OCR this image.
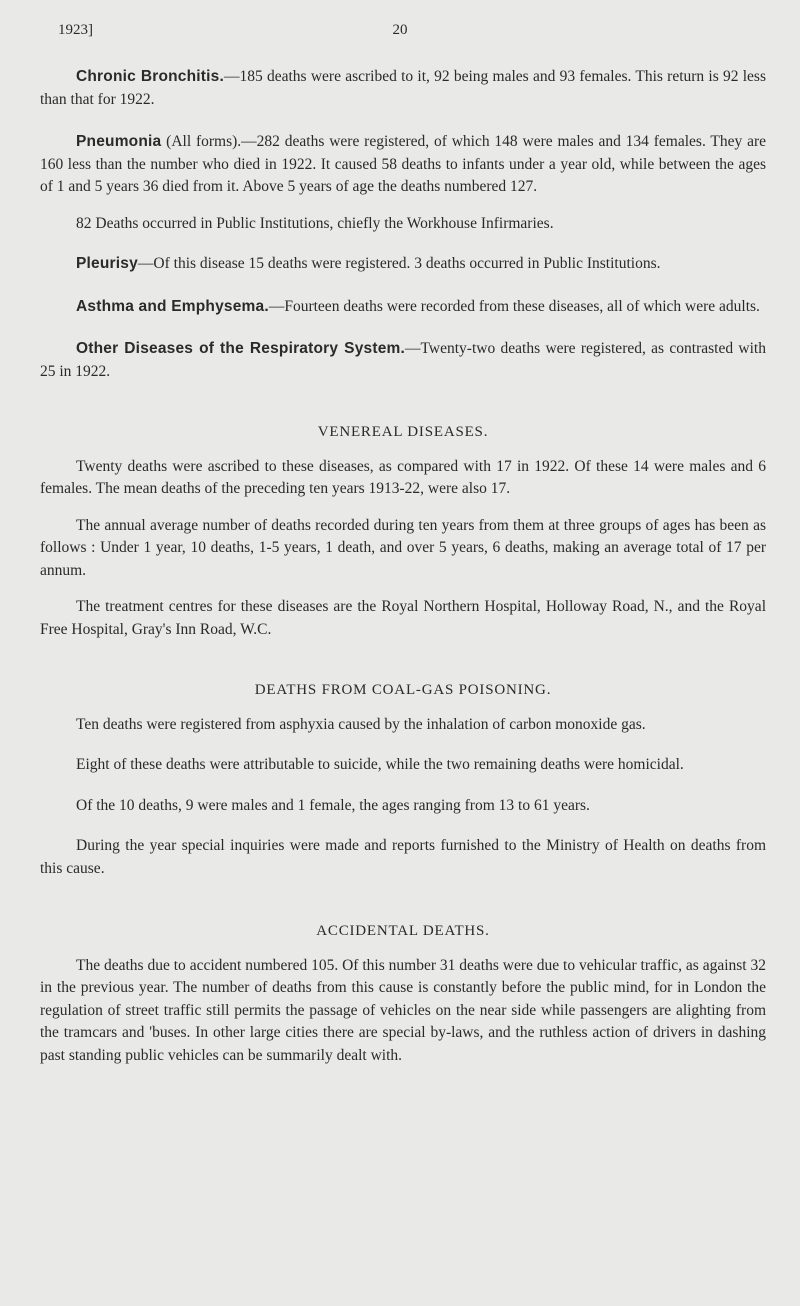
1923]	20

Chronic Bronchitis.—185 deaths were ascribed to it, 92 being males and 93 females. This return is 92 less than that for 1922.

Pneumonia (All forms).—282 deaths were registered, of which 148 were males and 134 females. They are 160 less than the number who died in 1922. It caused 58 deaths to infants under a year old, while between the ages of 1 and 5 years 36 died from it. Above 5 years of age the deaths numbered 127.

82 Deaths occurred in Public Institutions, chiefly the Workhouse Infirmaries.

Pleurisy—Of this disease 15 deaths were registered. 3 deaths occurred in Public Institutions.

Asthma and Emphysema.—Fourteen deaths were recorded from these diseases, all of which were adults.

Other Diseases of the Respiratory System.—Twenty-two deaths were registered, as contrasted with 25 in 1922.

VENEREAL DISEASES.

Twenty deaths were ascribed to these diseases, as compared with 17 in 1922. Of these 14 were males and 6 females. The mean deaths of the preceding ten years 1913-22, were also 17.

The annual average number of deaths recorded during ten years from them at three groups of ages has been as follows : Under 1 year, 10 deaths, 1-5 years, 1 death, and over 5 years, 6 deaths, making an average total of 17 per annum.

The treatment centres for these diseases are the Royal Northern Hospital, Holloway Road, N., and the Royal Free Hospital, Gray's Inn Road, W.C.

DEATHS FROM COAL-GAS POISONING.

Ten deaths were registered from asphyxia caused by the inhalation of carbon monoxide gas.

Eight of these deaths were attributable to suicide, while the two remaining deaths were homicidal.

Of the 10 deaths, 9 were males and 1 female, the ages ranging from 13 to 61 years.

During the year special inquiries were made and reports furnished to the Ministry of Health on deaths from this cause.

ACCIDENTAL DEATHS.

The deaths due to accident numbered 105. Of this number 31 deaths were due to vehicular traffic, as against 32 in the previous year. The number of deaths from this cause is constantly before the public mind, for in London the regulation of street traffic still permits the passage of vehicles on the near side while passengers are alighting from the tramcars and 'buses. In other large cities there are special by-laws, and the ruthless action of drivers in dashing past standing public vehicles can be summarily dealt with.
